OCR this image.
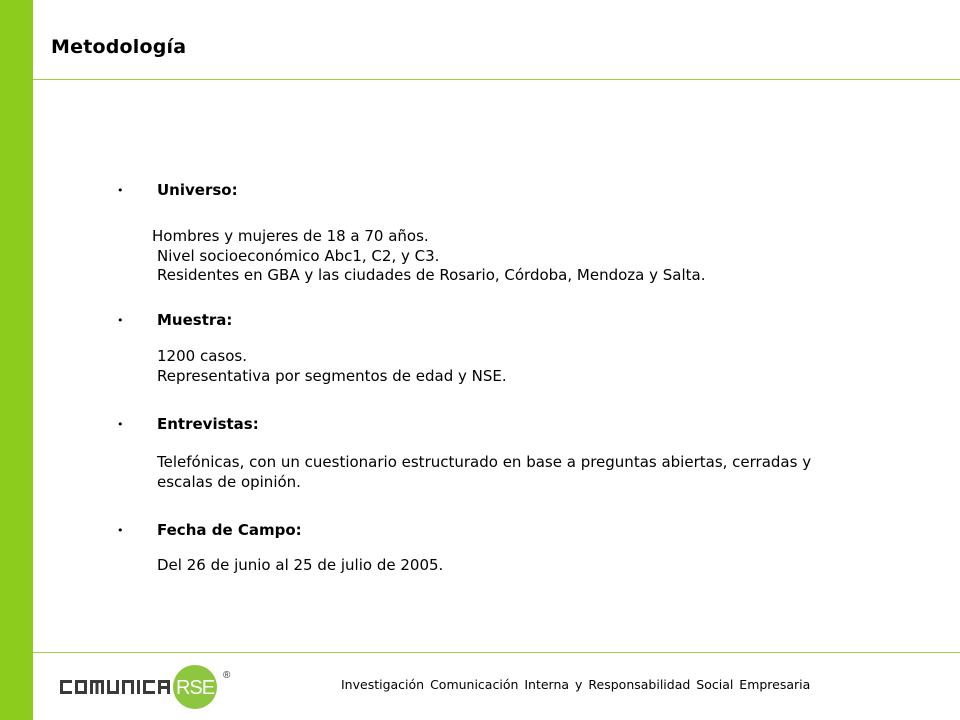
Metodología
• Universo:
Hombres y mujeres de 18 a 70 años.
Nivel socioeconómico Abc1, C2, y C3.
Residentes en GBA y las ciudades de Rosario, Córdoba, Mendoza y Salta.
• Muestra:
1200 casos.
Representativa por segmentos de edad y NSE.
• Entrevistas:
Telefónicas, con un cuestionario estructurado en base a preguntas abiertas, cerradas y
escalas de opinión.
• Fecha de Campo:
Del 26 de junio al 25 de julio de 2005.
RSE
®
Investigación Comunicación Interna y Responsabilidad Social Empresaria
